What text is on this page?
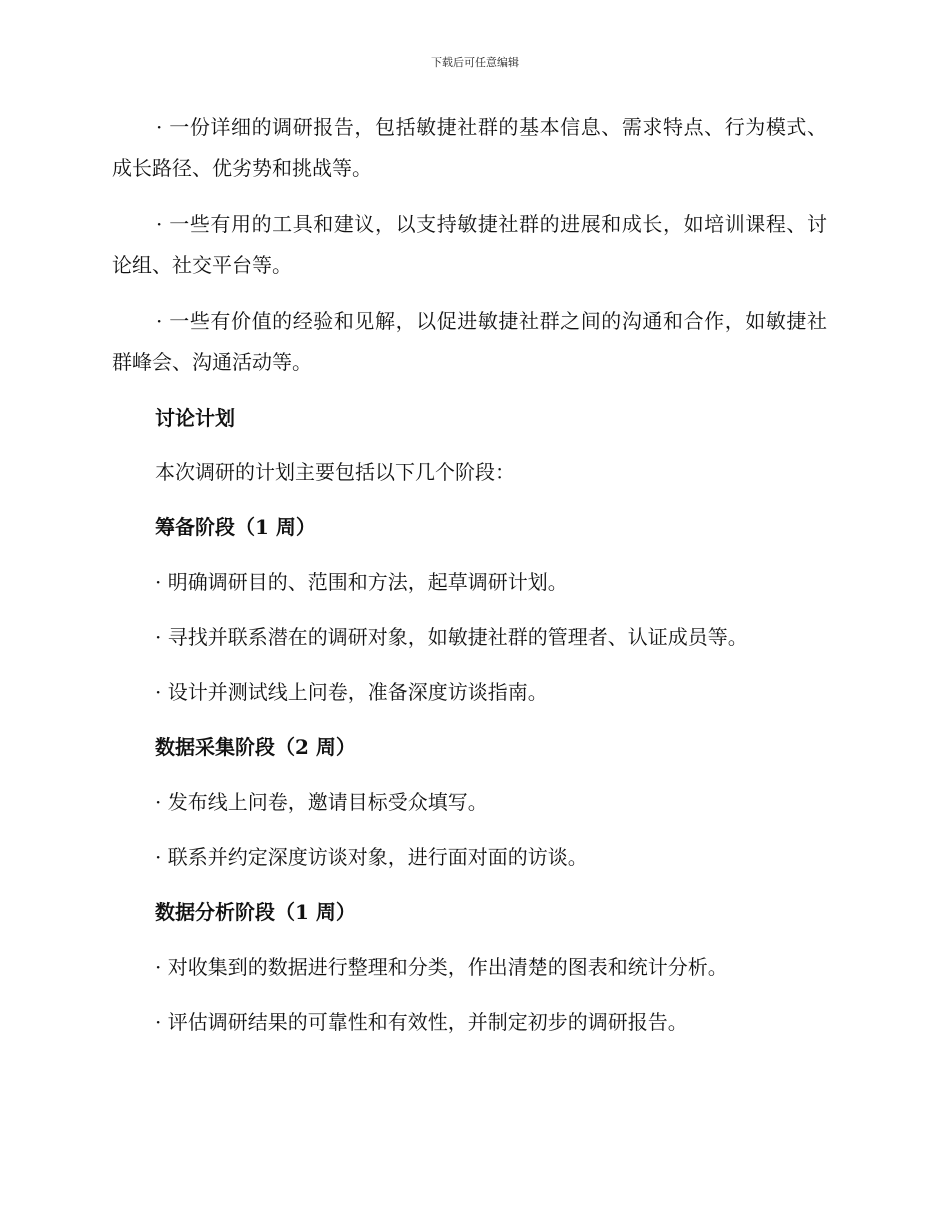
下载后可任意编辑

· 一份详细的调研报告，包括敏捷社群的基本信息、需求特点、行为模式、成长路径、优劣势和挑战等。

· 一些有用的工具和建议，以支持敏捷社群的进展和成长，如培训课程、讨论组、社交平台等。

· 一些有价值的经验和见解，以促进敏捷社群之间的沟通和合作，如敏捷社群峰会、沟通活动等。

讨论计划

本次调研的计划主要包括以下几个阶段：

筹备阶段（1 周）

· 明确调研目的、范围和方法，起草调研计划。

· 寻找并联系潜在的调研对象，如敏捷社群的管理者、认证成员等。

· 设计并测试线上问卷，准备深度访谈指南。

数据采集阶段（2 周）

· 发布线上问卷，邀请目标受众填写。

· 联系并约定深度访谈对象，进行面对面的访谈。

数据分析阶段（1 周）

· 对收集到的数据进行整理和分类，作出清楚的图表和统计分析。

· 评估调研结果的可靠性和有效性，并制定初步的调研报告。
